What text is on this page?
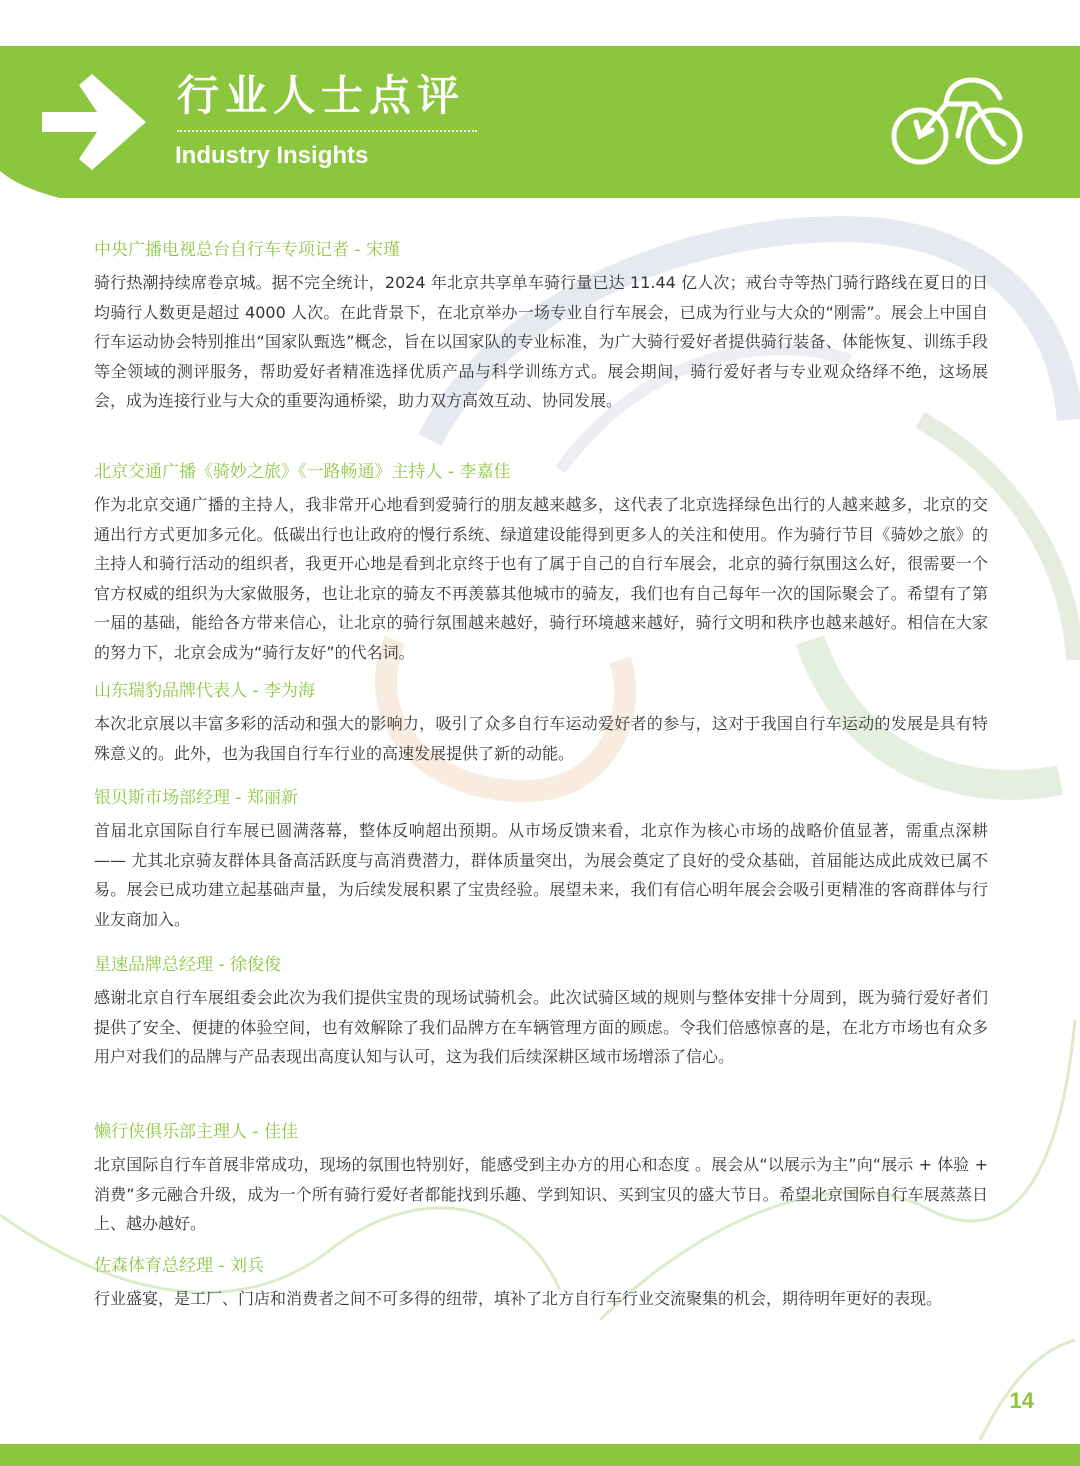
行业人士点评
Industry Insights

中央广播电视总台自行车专项记者 - 宋瑾

骑行热潮持续席卷京城。据不完全统计，2024 年北京共享单车骑行量已达 11.44 亿人次；戒台寺等热门骑行路线在夏日的日均骑行人数更是超过 4000 人次。在此背景下，在北京举办一场专业自行车展会，已成为行业与大众的“刚需”。展会上中国自行车运动协会特别推出“国家队甄选”概念，旨在以国家队的专业标准，为广大骑行爱好者提供骑行装备、体能恢复、训练手段等全领域的测评服务，帮助爱好者精准选择优质产品与科学训练方式。展会期间，骑行爱好者与专业观众络绎不绝，这场展会，成为连接行业与大众的重要沟通桥梁，助力双方高效互动、协同发展。

北京交通广播《骑妙之旅》《一路畅通》主持人 - 李嘉佳

作为北京交通广播的主持人，我非常开心地看到爱骑行的朋友越来越多，这代表了北京选择绿色出行的人越来越多，北京的交通出行方式更加多元化。低碳出行也让政府的慢行系统、绿道建设能得到更多人的关注和使用。作为骑行节目《骑妙之旅》的主持人和骑行活动的组织者，我更开心地是看到北京终于也有了属于自己的自行车展会，北京的骑行氛围这么好，很需要一个官方权威的组织为大家做服务，也让北京的骑友不再羡慕其他城市的骑友，我们也有自己每年一次的国际聚会了。希望有了第一届的基础，能给各方带来信心，让北京的骑行氛围越来越好，骑行环境越来越好，骑行文明和秩序也越来越好。相信在大家的努力下，北京会成为“骑行友好”的代名词。

山东瑞豹品牌代表人 - 李为海

本次北京展以丰富多彩的活动和强大的影响力，吸引了众多自行车运动爱好者的参与，这对于我国自行车运动的发展是具有特殊意义的。此外，也为我国自行车行业的高速发展提供了新的动能。

银贝斯市场部经理 - 郑丽新

首届北京国际自行车展已圆满落幕，整体反响超出预期。从市场反馈来看，北京作为核心市场的战略价值显著，需重点深耕 —— 尤其北京骑友群体具备高活跃度与高消费潜力，群体质量突出，为展会奠定了良好的受众基础，首届能达成此成效已属不易。展会已成功建立起基础声量，为后续发展积累了宝贵经验。展望未来，我们有信心明年展会会吸引更精准的客商群体与行业友商加入。

星速品牌总经理 - 徐俊俊

感谢北京自行车展组委会此次为我们提供宝贵的现场试骑机会。此次试骑区域的规则与整体安排十分周到，既为骑行爱好者们提供了安全、便捷的体验空间，也有效解除了我们品牌方在车辆管理方面的顾虑。令我们倍感惊喜的是，在北方市场也有众多用户对我们的品牌与产品表现出高度认知与认可，这为我们后续深耕区域市场增添了信心。

懒行侠俱乐部主理人 - 佳佳

北京国际自行车首展非常成功，现场的氛围也特别好，能感受到主办方的用心和态度 。展会从“以展示为主”向“展示 + 体验 + 消费”多元融合升级，成为一个所有骑行爱好者都能找到乐趣、学到知识、买到宝贝的盛大节日。希望北京国际自行车展蒸蒸日上、越办越好。

佐森体育总经理 - 刘兵

行业盛宴，是工厂、门店和消费者之间不可多得的纽带，填补了北方自行车行业交流聚集的机会，期待明年更好的表现。

14
